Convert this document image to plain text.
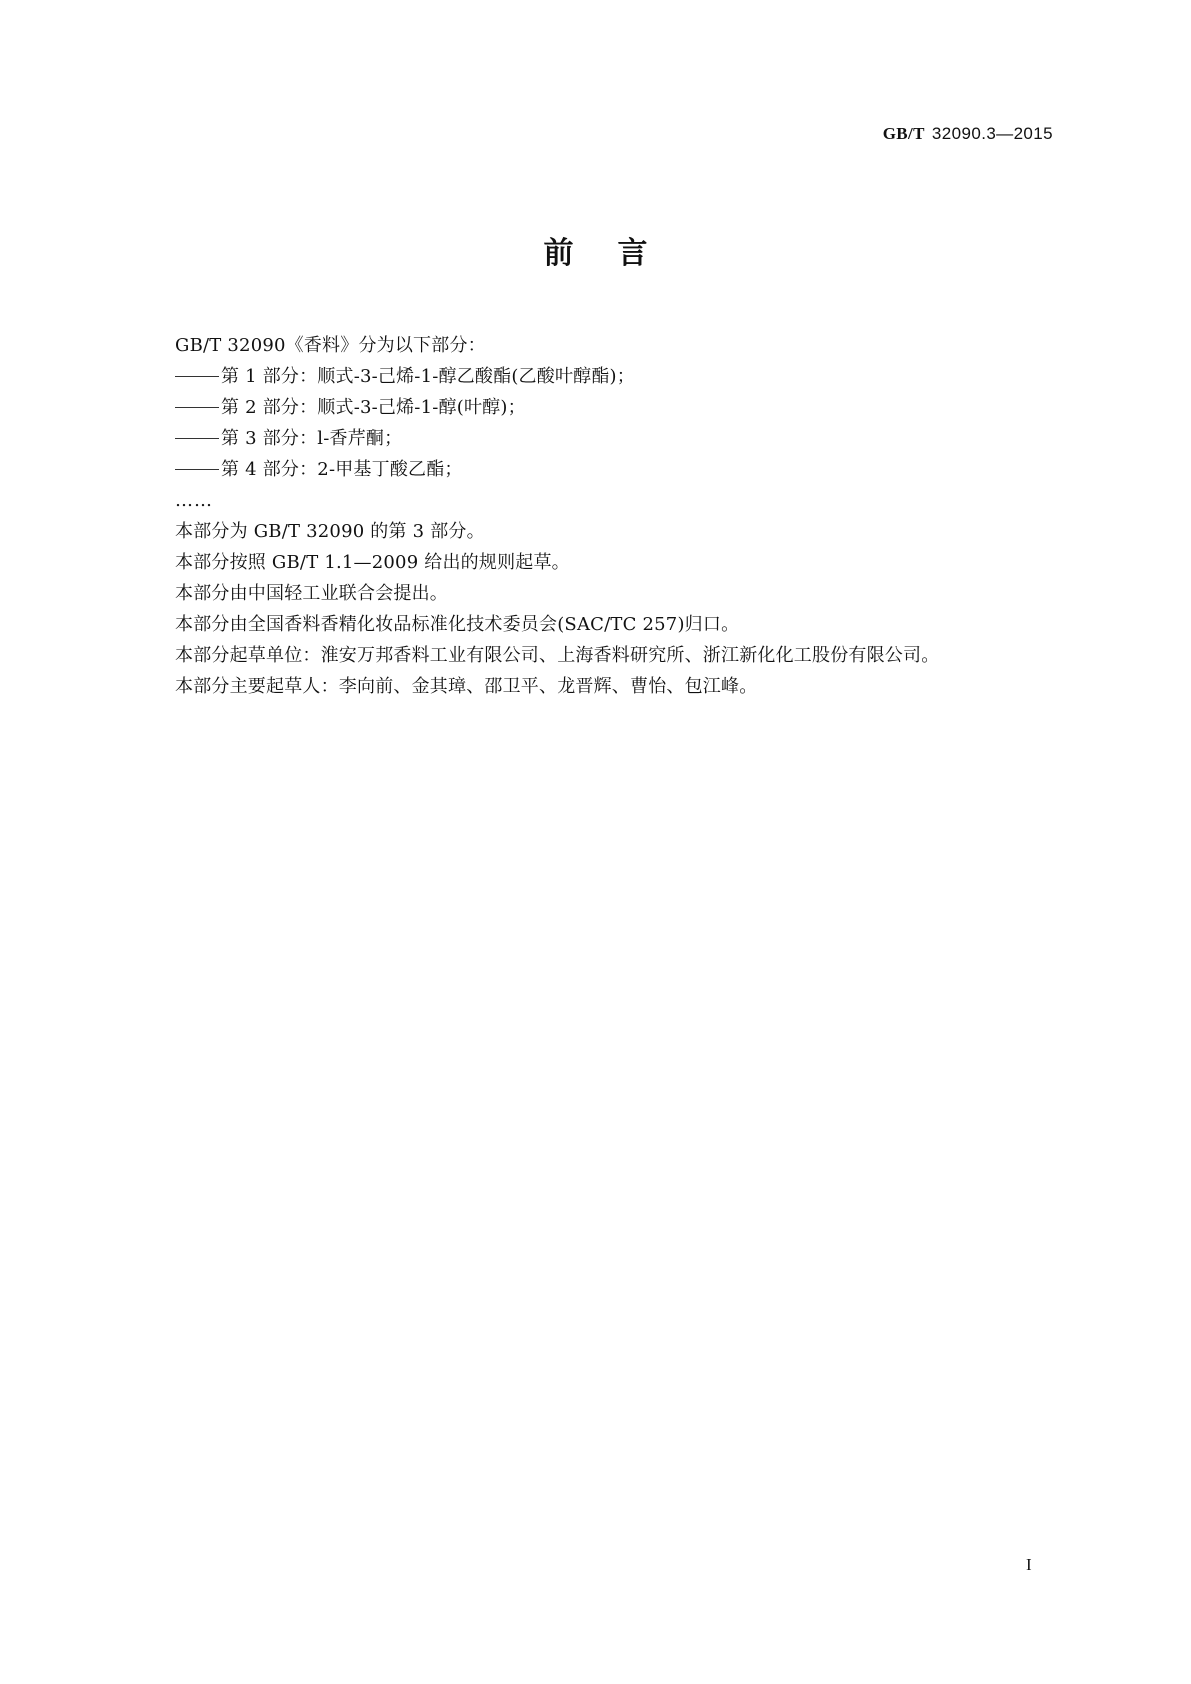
GB/T 32090.3—2015
前言
GB/T 32090《香料》分为以下部分：
第 1 部分：顺式-3-己烯-1-醇乙酸酯(乙酸叶醇酯)；
第 2 部分：顺式-3-己烯-1-醇(叶醇)；
第 3 部分：l-香芹酮；
第 4 部分：2-甲基丁酸乙酯；
……
本部分为 GB/T 32090 的第 3 部分。
本部分按照 GB/T 1.1—2009 给出的规则起草。
本部分由中国轻工业联合会提出。
本部分由全国香料香精化妆品标准化技术委员会(SAC/TC 257)归口。
本部分起草单位：淮安万邦香料工业有限公司、上海香料研究所、浙江新化化工股份有限公司。
本部分主要起草人：李向前、金其璋、邵卫平、龙晋辉、曹怡、包江峰。
I
